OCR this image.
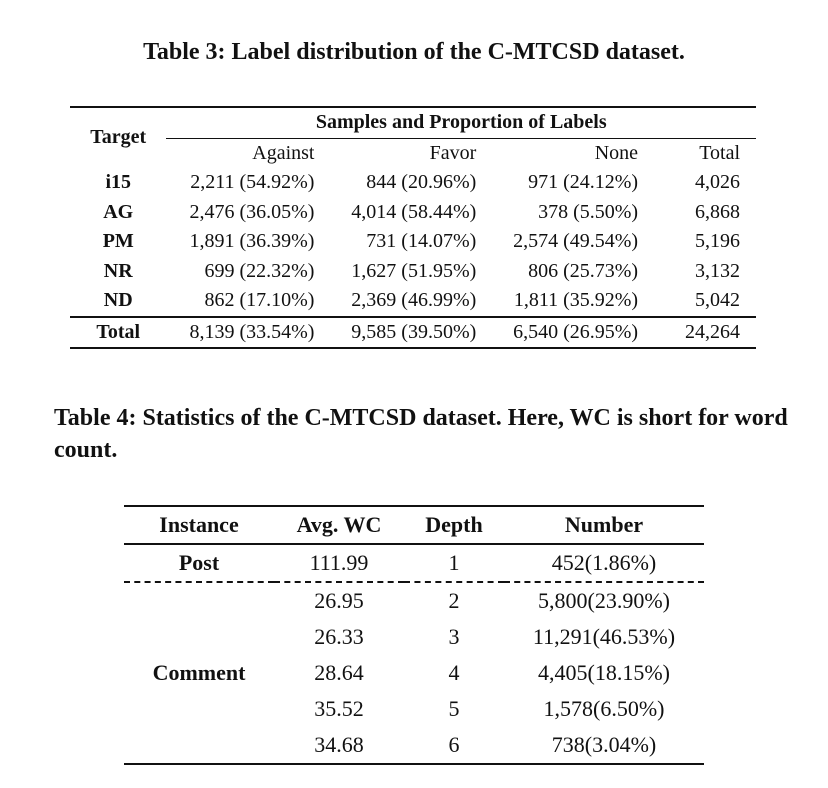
Table 3: Label distribution of the C-MTCSD dataset.

Target	Samples and Proportion of Labels			
	Against	Favor	None	Total
i15	2,211 (54.92%)	844 (20.96%)	971 (24.12%)	4,026
AG	2,476 (36.05%)	4,014 (58.44%)	378 (5.50%)	6,868
PM	1,891 (36.39%)	731 (14.07%)	2,574 (49.54%)	5,196
NR	699 (22.32%)	1,627 (51.95%)	806 (25.73%)	3,132
ND	862 (17.10%)	2,369 (46.99%)	1,811 (35.92%)	5,042
Total	8,139 (33.54%)	9,585 (39.50%)	6,540 (26.95%)	24,264

Table 4: Statistics of the C-MTCSD dataset. Here, WC is short for word count.

Instance	Avg. WC	Depth	Number
Post	111.99	1	452(1.86%)
Comment	26.95	2	5,800(23.90%)
	26.33	3	11,291(46.53%)
	28.64	4	4,405(18.15%)
	35.52	5	1,578(6.50%)
	34.68	6	738(3.04%)
